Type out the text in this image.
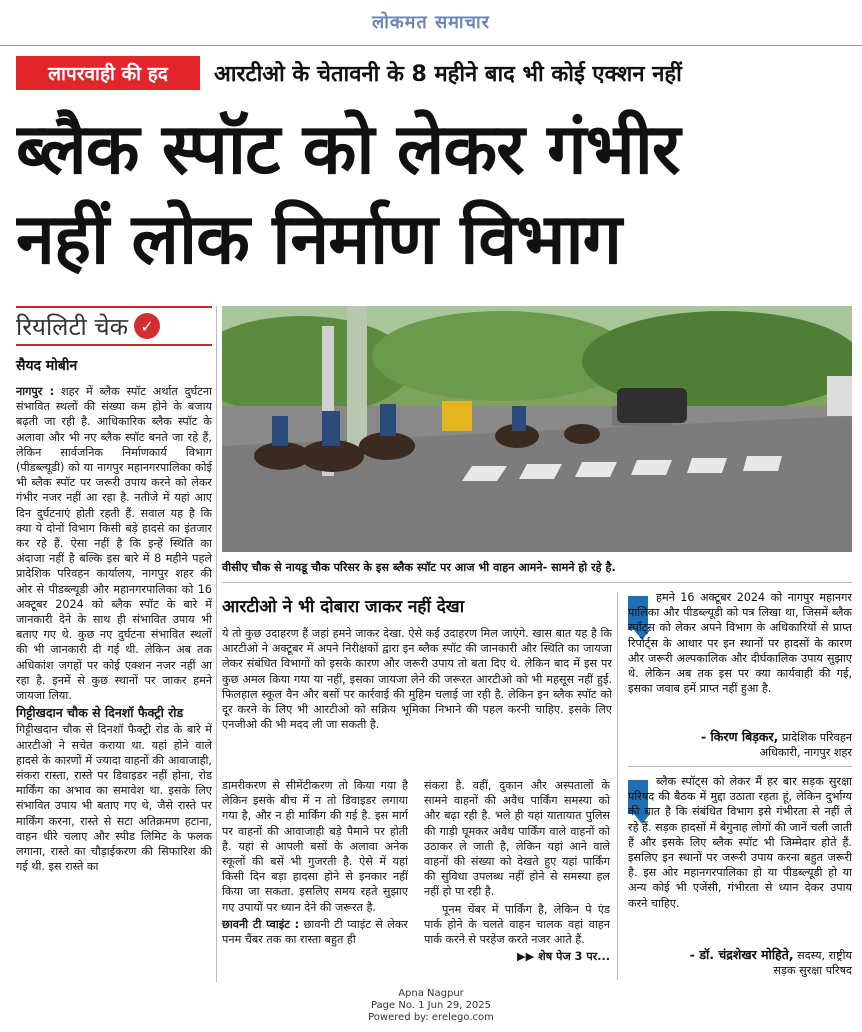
लोकमत समाचार
लापरवाही की हद	आरटीओ के चेतावनी के 8 महीने बाद भी कोई एक्शन नहीं
ब्लैक स्पॉट को लेकर गंभीर
नहीं लोक निर्माण विभाग
रियलिटी चेक ✓
सैयद मोबीन

नागपुर : शहर में ब्लैक स्पॉट अर्थात दुर्घटना संभावित स्थलों की संख्या कम होने के बजाय बढ़ती जा रही है. आधिकारिक ब्लैक स्पॉट के अलावा और भी नए ब्लैक स्पॉट बनते जा रहे हैं, लेकिन सार्वजनिक निर्माणकार्य विभाग (पीडब्ल्यूडी) को या नागपुर महानगरपालिका कोई भी ब्लैक स्पॉट पर जरूरी उपाय करने को लेकर गंभीर नजर नहीं आ रहा है. नतीजे में यहां आए दिन दुर्घटनाएं होती रहती हैं. सवाल यह है कि क्या ये दोनों विभाग किसी बड़े हादसे का इंतजार कर रहे हैं. ऐसा नहीं है कि इन्हें स्थिति का अंदाजा नहीं है बल्कि इस बारे में 8 महीने पहले प्रादेशिक परिवहन कार्यालय, नागपुर शहर की ओर से पीडब्ल्यूडी और महानगरपालिका को 16 अक्टूबर 2024 को ब्लैक स्पॉट के बारे में जानकारी देने के साथ ही संभावित उपाय भी बताए गए थे. कुछ नए दुर्घटना संभावित स्थलों की भी जानकारी दी गई थी. लेकिन अब तक अधिकांश जगहों पर कोई एक्शन नजर नहीं आ रहा है. इनमें से कुछ स्थानों पर जाकर हमने जायजा लिया.

गिट्टीखदान चौक से दिनशॉ फैक्ट्री रोड

गिट्टीखदान चौक से दिनशॉ फैक्ट्री रोड के बारे में आरटीओ ने सचेत कराया था. यहां होने वाले हादसे के कारणों में ज्यादा वाहनों की आवाजाही, संकरा रास्ता, रास्ते पर डिवाइडर नहीं होना, रोड मार्किंग का अभाव का समावेश था. इसके लिए संभावित उपाय भी बताए गए थे, जैसे रास्ते पर मार्किंग करना, रास्ते से सटा अतिक्रमण हटाना, वाहन धीरे चलाए और स्पीड लिमिट के फलक लगाना, रास्ते का चौड़ाईकरण की सिफारिश की गई थी. इस रास्ते का

वीसीए चौक से नायडू चौक परिसर के इस ब्लैक स्पॉट पर आज भी वाहन आमने- सामने हो रहे है.
आरटीओ ने भी दोबारा जाकर नहीं देखा

ये तो कुछ उदाहरण हैं जहां हमने जाकर देखा. ऐसे कई उदाहरण मिल जाएंगे. खास बात यह है कि आरटीओ ने अक्टूबर में अपने निरीक्षकों द्वारा इन ब्लैक स्पॉट की जानकारी और स्थिति का जायजा लेकर संबंधित विभागों को इसके कारण और जरूरी उपाय तो बता दिए थे. लेकिन बाद में इस पर कुछ अमल किया गया या नहीं, इसका जायजा लेने की जरूरत आरटीओ को भी महसूस नहीं हुई. फिलहाल स्कूल वैन और बसों पर कार्रवाई की मुहिम चलाई जा रही है. लेकिन इन ब्लैक स्पॉट को दूर करने के लिए भी आरटीओ को सक्रिय भूमिका निभाने की पहल करनी चाहिए. इसके लिए एनजीओ की भी मदद ली जा सकती है.

डामरीकरण से सीमेंटीकरण तो किया गया है लेकिन इसके बीच में न तो डिवाइडर लगाया गया है, और न ही मार्किंग की गई है. इस मार्ग पर वाहनों की आवाजाही बड़े पैमाने पर होती है. यहां से आपली बसों के अलावा अनेक स्कूलों की बसें भी गुजरती है. ऐसे में यहां किसी दिन बड़ा हादसा होने से इनकार नहीं किया जा सकता. इसलिए समय रहते सुझाए गए उपायों पर ध्यान देने की जरूरत है.

छावनी टी प्वाइंट : छावनी टी प्वाइंट से लेकर पनम चैंबर तक का रास्ता बहुत ही

संकरा है. वहीं, दुकान और अस्पतालों के सामने वाहनों की अवैध पार्किंग समस्या को और बढ़ा रही है. भले ही यहां यातायात पुलिस की गाड़ी घूमकर अवैध पार्किंग वाले वाहनों को उठाकर ले जाती है, लेकिन यहां आने वाले वाहनों की संख्या को देखते हुए यहां पार्किंग की सुविधा उपलब्ध नहीं होने से समस्या हल नहीं हो पा रही है.

पूनम चेंबर में पार्किंग है, लेकिन पे एंड पार्क होने के चलते वाहन चालक वहां वाहन पार्क करने से परहेज करते नजर आते हैं.

▶▶ शेष पेज 3 पर...

हमने 16 अक्टूबर 2024 को नागपुर महानगर पालिका और पीडब्ल्यूडी को पत्र लिखा था, जिसमें ब्लैक स्पॉट्स को लेकर अपने विभाग के अधिकारियों से प्राप्त रिपोर्ट्स के आधार पर इन स्थानों पर हादसों के कारण और जरूरी अल्पकालिक और दीर्घकालिक उपाय सुझाए थे. लेकिन अब तक इस पर क्या कार्यवाही की गई, इसका जवाब हमें प्राप्त नहीं हुआ है.

- किरण बिड़कर, प्रादेशिक परिवहन
अधिकारी, नागपुर शहर

ब्लैक स्पॉट्स को लेकर मैं हर बार सड़क सुरक्षा परिषद की बैठक में मुद्दा उठाता रहता हूं, लेकिन दुर्भाग्य की बात है कि संबंधित विभाग इसे गंभीरता से नहीं ले रहे हैं. सड़क हादसों में बेगुनाह लोगों की जानें चली जाती हैं और इसके लिए ब्लैक स्पॉट भी जिम्मेदार होते हैं. इसलिए इन स्थानों पर जरूरी उपाय करना बहुत जरूरी है. इस ओर महानगरपालिका हो या पीडब्ल्यूडी हो या अन्य कोई भी एजेंसी, गंभीरता से ध्यान देकर उपाय करने चाहिए.

- डॉ. चंद्रशेखर मोहिते, सदस्य, राष्ट्रीय
सड़क सुरक्षा परिषद
Apna Nagpur
Page No. 1 Jun 29, 2025
Powered by: erelego.com
